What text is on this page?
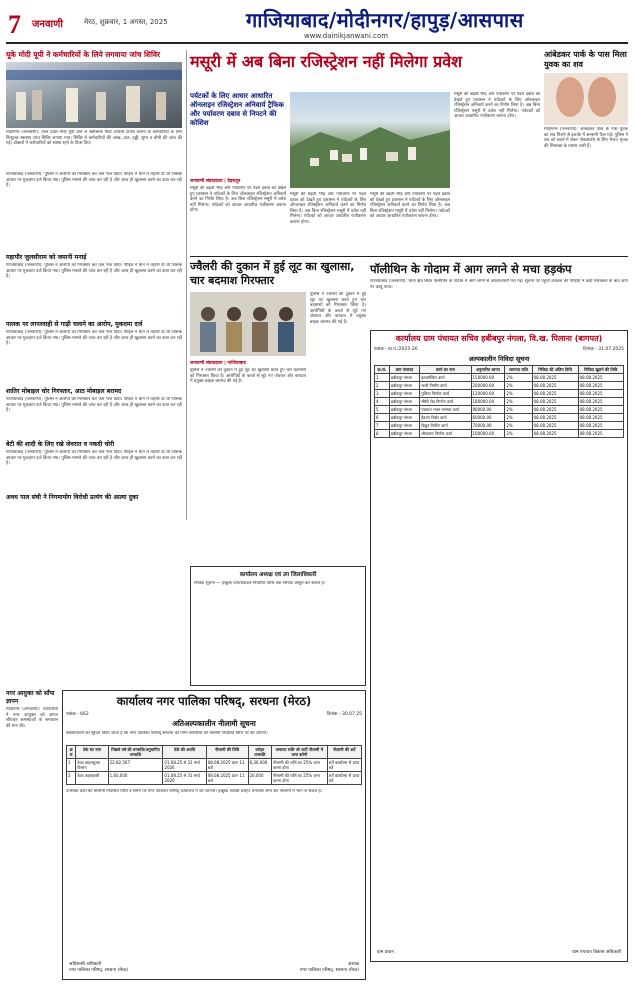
7 जनवाणी	मेरठ, शुक्रवार, 1 अगस्त, 2025	गाजियाबाद/मोदीनगर/हापुड़/आसपास
www.dainikjanwani.com
यूके मोदी यूपी ने कर्मचारियों के लिये लगवाया जांच शिविर
मोदीनगर (जनवाणी): उत्तर प्रदेश मोदी यूपी और जे स्वास्तिक मोदी अपोलो टायर्स कंपनी के कर्मचारियों के लिए निःशुल्क स्वास्थ्य जांच शिविर लगाया गया। शिविर में कर्मचारियों की आंख, दांत, हड्डी, शुगर व बीपी की जांच की गई। डॉक्टरों ने कर्मचारियों को स्वस्थ रहने के टिप्स दिए।
गाजियाबाद (जनवाणी): पुलिस ने आरोपी को गिरफ्तार कर जेल भेज दिया। पीड़ित ने थाने में तहरीर दी थी जिसके आधार पर मुकदमा दर्ज किया गया। पुलिस मामले की जांच कर रही है और जल्द ही खुलासा करने का दावा कर रही है।
महापौर जुलसीराम को जमानी मनाई
गाजियाबाद (जनवाणी): पुलिस ने आरोपी को गिरफ्तार कर जेल भेज दिया। पीड़ित ने थाने में तहरीर दी थी जिसके आधार पर मुकदमा दर्ज किया गया। पुलिस मामले की जांच कर रही है और जल्द ही खुलासा करने का दावा कर रही है।
पालक पर लापरवाही से गाड़ी चलाने का आरोप, मुकदमा दर्ज
गाजियाबाद (जनवाणी): पुलिस ने आरोपी को गिरफ्तार कर जेल भेज दिया। पीड़ित ने थाने में तहरीर दी थी जिसके आधार पर मुकदमा दर्ज किया गया। पुलिस मामले की जांच कर रही है और जल्द ही खुलासा करने का दावा कर रही है।
शातिर मोबाइल चोर गिरफ्तार, आठ मोबाइल बरामद
गाजियाबाद (जनवाणी): पुलिस ने आरोपी को गिरफ्तार कर जेल भेज दिया। पीड़ित ने थाने में तहरीर दी थी जिसके आधार पर मुकदमा दर्ज किया गया। पुलिस मामले की जांच कर रही है और जल्द ही खुलासा करने का दावा कर रही है।
बेटी की शादी के लिए रखे जेवरात व नकदी चोरी
गाजियाबाद (जनवाणी): पुलिस ने आरोपी को गिरफ्तार कर जेल भेज दिया। पीड़ित ने थाने में तहरीर दी थी जिसके आधार पर मुकदमा दर्ज किया गया। पुलिस मामले की जांच कर रही है और जल्द ही खुलासा करने का दावा कर रही है।
अवध पाल संघी ने निगमायोग विरोधी प्रत्यंग की आत्मा दुका
मसूरी में अब बिना रजिस्ट्रेशन नहीं मिलेगा प्रवेश
पर्यटकों के लिए आधार आधारित ऑनलाइन रजिस्ट्रेशन अनिवार्य ट्रैफिक और पर्यावरण दबाव से निपटने की कोशिश
जनवाणी संवाददाता | देहरादून
मसूरी की बढ़ती भीड़ और पर्यावरण पर पड़ते दबाव को देखते हुए प्रशासन ने पर्यटकों के लिए ऑनलाइन रजिस्ट्रेशन अनिवार्य करने का निर्णय लिया है। अब बिना रजिस्ट्रेशन मसूरी में प्रवेश नहीं मिलेगा। पर्यटकों को आधार आधारित पंजीकरण कराना होगा।
मसूरी की बढ़ती भीड़ और पर्यावरण पर पड़ते दबाव को देखते हुए प्रशासन ने पर्यटकों के लिए ऑनलाइन रजिस्ट्रेशन अनिवार्य करने का निर्णय लिया है। अब बिना रजिस्ट्रेशन मसूरी में प्रवेश नहीं मिलेगा। पर्यटकों को आधार आधारित पंजीकरण कराना होगा।
मसूरी की बढ़ती भीड़ और पर्यावरण पर पड़ते दबाव को देखते हुए प्रशासन ने पर्यटकों के लिए ऑनलाइन रजिस्ट्रेशन अनिवार्य करने का निर्णय लिया है। अब बिना रजिस्ट्रेशन मसूरी में प्रवेश नहीं मिलेगा। पर्यटकों को आधार आधारित पंजीकरण कराना होगा।
मसूरी की बढ़ती भीड़ और पर्यावरण पर पड़ते दबाव को देखते हुए प्रशासन ने पर्यटकों के लिए ऑनलाइन रजिस्ट्रेशन अनिवार्य करने का निर्णय लिया है। अब बिना रजिस्ट्रेशन मसूरी में प्रवेश नहीं मिलेगा। पर्यटकों को आधार आधारित पंजीकरण कराना होगा।
आंबेडकर पार्क के पास मिला युवक का शव
मोदीनगर (जनवाणी): आंबेडकर पार्क के पास युवक का शव मिलने से इलाके में सनसनी फैल गई। पुलिस ने शव को कब्जे में लेकर पोस्टमार्टम के लिए भेजा। मृतक की शिनाख्त के प्रयास जारी हैं।
ज्वैलरी की दुकान में हुई लूट का खुलासा, चार बदमाश गिरफ्तार
जनवाणी संवाददाता | गाजियाबाद
पुलिस ने ज्वैलरी की दुकान में हुई लूट का खुलासा करते हुए चार बदमाशों को गिरफ्तार किया है। आरोपियों के कब्जे से लूटे गए जेवरात और वारदात में प्रयुक्त बाइक बरामद की गई है।
पुलिस ने ज्वैलरी की दुकान में हुई लूट का खुलासा करते हुए चार बदमाशों को गिरफ्तार किया है। आरोपियों के कब्जे से लूटे गए जेवरात और वारदात में प्रयुक्त बाइक बरामद की गई है।
पॉलीथिन के गोदाम में आग लगने से मचा हड़कंप
गाजियाबाद (जनवाणी): थाना क्षेत्र स्थित पॉलीथिन के गोदाम में आग लगने से अफरातफरी मच गई। सूचना पर पहुंची दमकल की गाड़ियों ने कड़ी मशक्कत के बाद आग पर काबू पाया।
कार्यालय अध्यक्ष एवं उप जिलाधिकारी
निविदा सूचना — इच्छुक फर्म/ठेकेदार निर्धारित तिथि तक निविदा प्रस्तुत कर सकते हैं।
कार्यालय ग्राम पंचायत सचिव हबीबपुर नंगला, वि.ख. पिलाना (बागपत)
पत्रांक - ग्रा.पं./2025-26	दिनांक - 31.07.2025
अल्पकालीन निविदा सूचना
क्र.सं.	ग्राम पंचायत	कार्य का नाम	अनुमानित लागत	जमानत राशि	निविदा की अंतिम तिथि	निविदा खुलने की तिथि
1	हबीबपुर नंगला	इंटरलॉकिंग कार्य	150000.00	2%	08.08.2025	08.08.2025
2	हबीबपुर नंगला	नाली निर्माण कार्य	200000.00	2%	08.08.2025	08.08.2025
3	हबीबपुर नंगला	पुलिया निर्माण कार्य	120000.00	2%	08.08.2025	08.08.2025
4	हबीबपुर नंगला	सीसी रोड निर्माण कार्य	180000.00	2%	08.08.2025	08.08.2025
5	हबीबपुर नंगला	पंचायत भवन मरम्मत कार्य	90000.00	2%	08.08.2025	08.08.2025
6	हबीबपुर नंगला	हैंडपंप रिबोर कार्य	60000.00	2%	08.08.2025	08.08.2025
7	हबीबपुर नंगला	विद्युत फिटिंग कार्य	70000.00	2%	08.08.2025	08.08.2025
8	हबीबपुर नंगला	शौचालय निर्माण कार्य	100000.00	2%	08.08.2025	08.08.2025
ग्राम प्रधान	ग्राम पंचायत विकास अधिकारी
नगर आयुक्त को साँपा ज्ञापन
मोदीनगर (जनवाणी): व्यापारियों ने नगर आयुक्त को ज्ञापन सौंपकर समस्याओं के समाधान की मांग की।
कार्यालय नगर पालिका परिषद्, सरधना (मेरठ)
पत्रांक - 662	दिनांक - 30.07.25
अतिअल्पकालीन नीलामी सूचना
सर्वसाधारण को सूचित किया जाता है कि नगर पालिका परिषद् सरधना की निम्न संपत्तियों की नीलामी निर्धारित तिथि पर की जाएगी।
क्र सं	ठेके का नाम	पिछले वर्ष की धनराशि/अनुमानित धनराशि	ठेके की अवधि	नीलामी की तिथि	धरोहर धनराशि	जमानत राशि जो पार्टी नीलामी में जमा करेगी	नीलामी की शर्ते
1	ठेका वाहनशुल्क विभाग	22,82,567	01.08.25 से 31 मार्च 2026	08.08.2025 प्रातः 11 बजे	6,30,000	नीलामी की राशि का 25% जमा करना होगा	शर्तें कार्यालय से प्राप्त करें
2	ठेका तहबाज़ारी	1,60,000	01.08.25 से 31 मार्च 2026	08.08.2025 प्रातः 11 बजे	20,000	नीलामी की राशि का 25% जमा करना होगा	शर्तें कार्यालय से प्राप्त करें
उपरोक्त ठेकों की नीलामी निर्धारित तिथि व समय पर नगर पालिका परिषद् कार्यालय में की जाएगी। इच्छुक व्यक्ति धरोहर धनराशि जमा कर नीलामी में भाग ले सकते हैं।
अधिशासी अधिकारी
नगर पालिका परिषद्, सरधना (मेरठ)
अध्यक्ष
नगर पालिका परिषद्, सरधना (मेरठ)
